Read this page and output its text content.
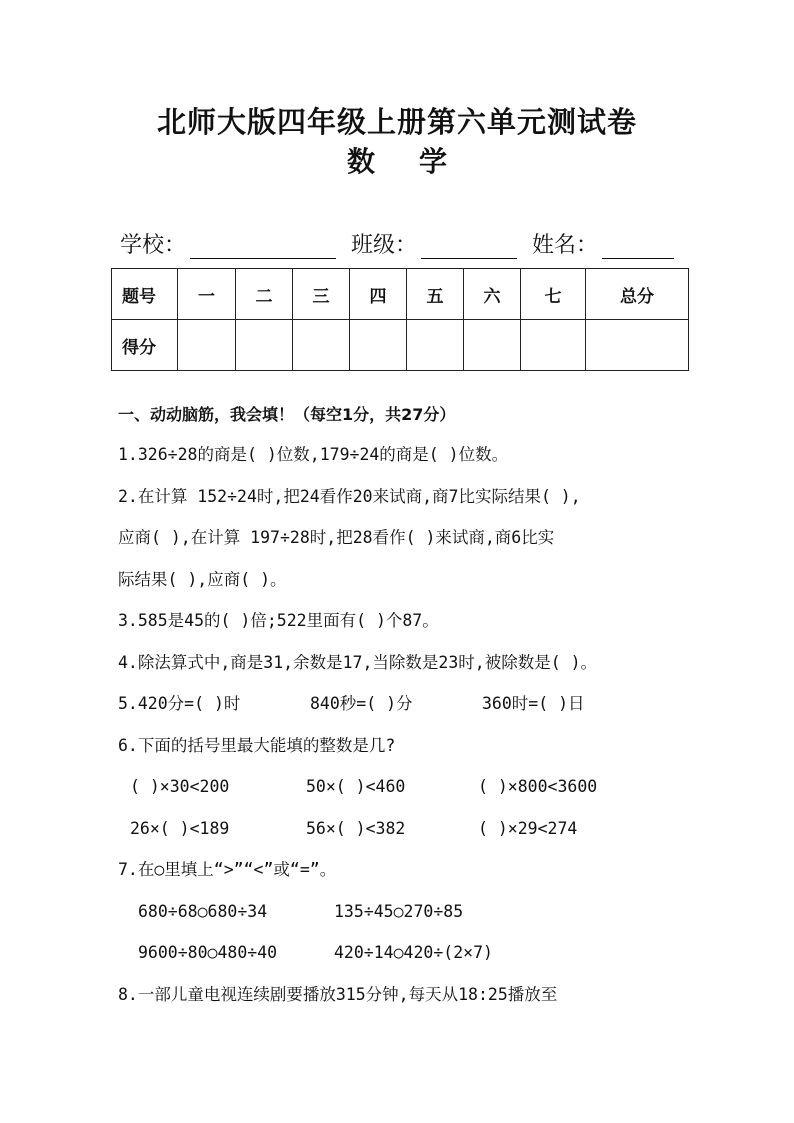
北师大版四年级上册第六单元测试卷
数 学
学校：	班级：	姓名：
题号	一	二	三	四	五	六	七	总分
得分								
一、动动脑筋，我会填！（每空1分，共27分）
1.326÷28的商是( )位数,179÷24的商是( )位数。
2.在计算 152÷24时,把24看作20来试商,商7比实际结果( ),
应商( ),在计算 197÷28时,把28看作( )来试商,商6比实
际结果( ),应商( )。
3.585是45的( )倍;522里面有( )个87。
4.除法算式中,商是31,余数是17,当除数是23时,被除数是( )。
5.420分=( )时	840秒=( )分	360时=( )日
6.下面的括号里最大能填的整数是几?
( )×30<200	50×( )<460	( )×800<3600
26×( )<189	56×( )<382	( )×29<274
7.在○里填上“>”“<”或“=”。
680÷68○680÷34	135÷45○270÷85
9600÷80○480÷40	420÷14○420÷(2×7)
8.一部儿童电视连续剧要播放315分钟,每天从18:25播放至
